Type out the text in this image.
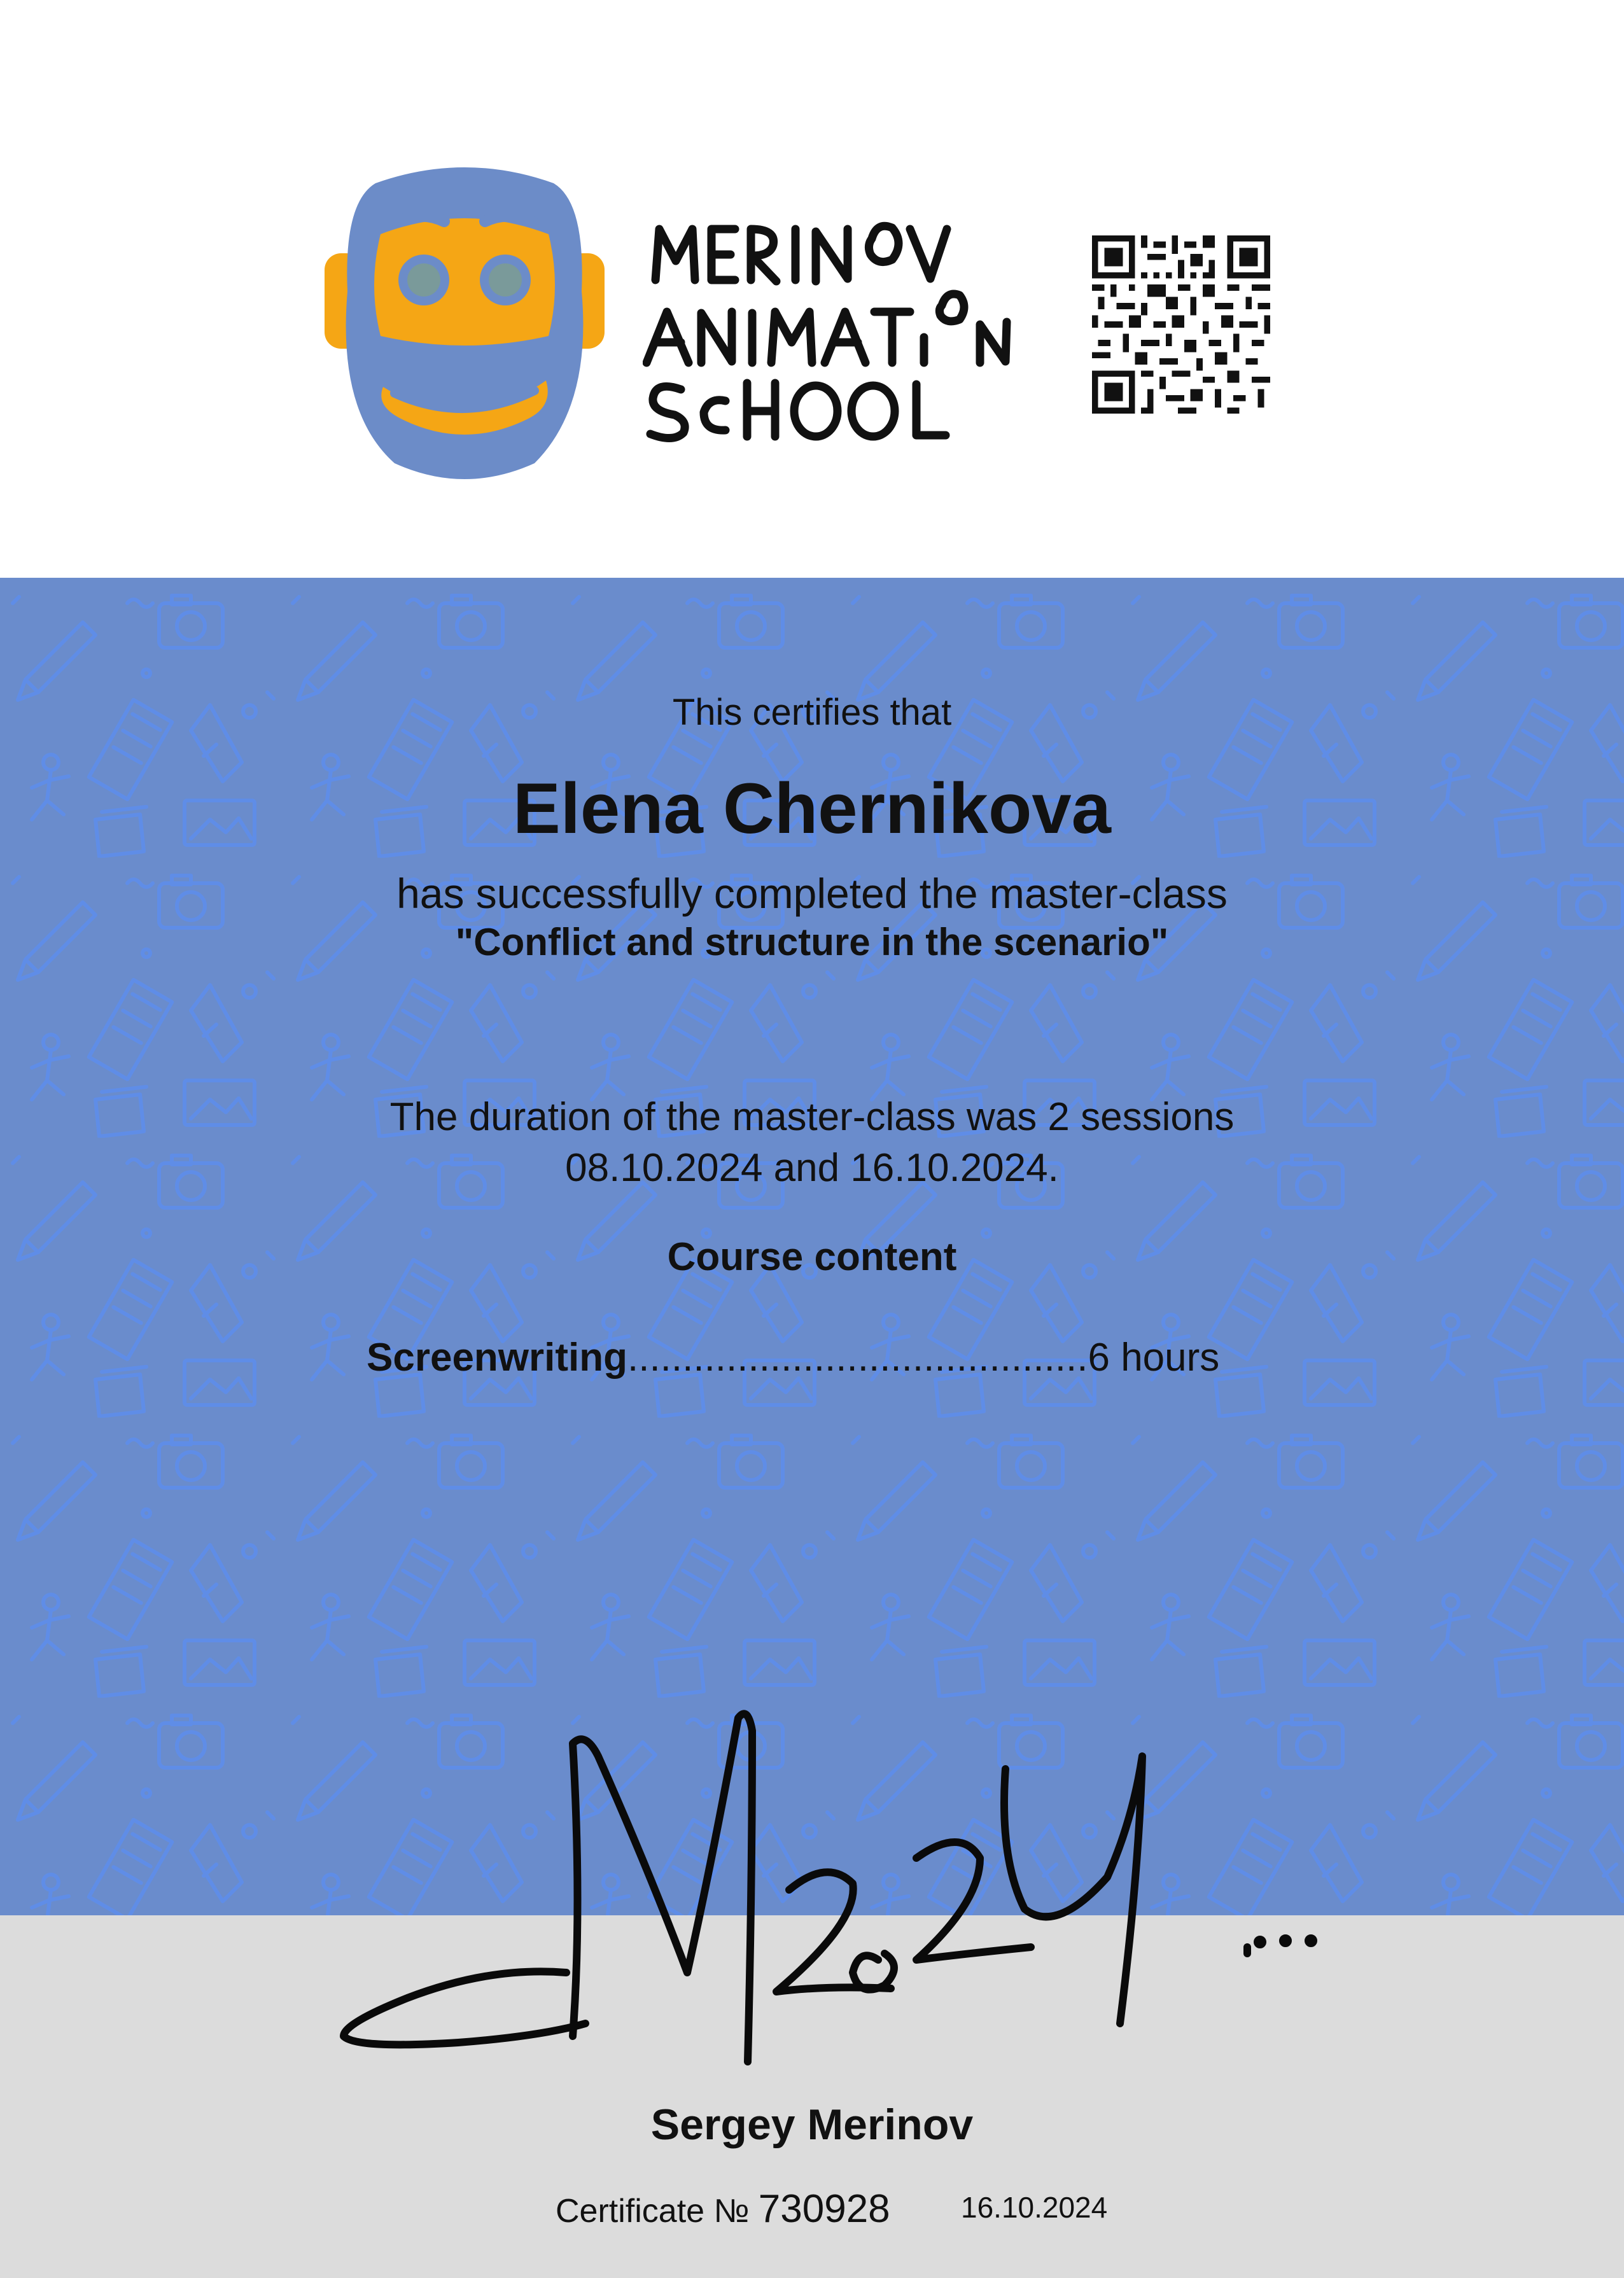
This certifies that
Elena Chernikova
has successfully completed the master-class
"Conflict and structure in the scenario"
The duration of the master-class was 2 sessions
08.10.2024 and 16.10.2024.
Course content
Screenwriting..........................................6 hours
Sergey Merinov
Certificate № 730928 16.10.2024
